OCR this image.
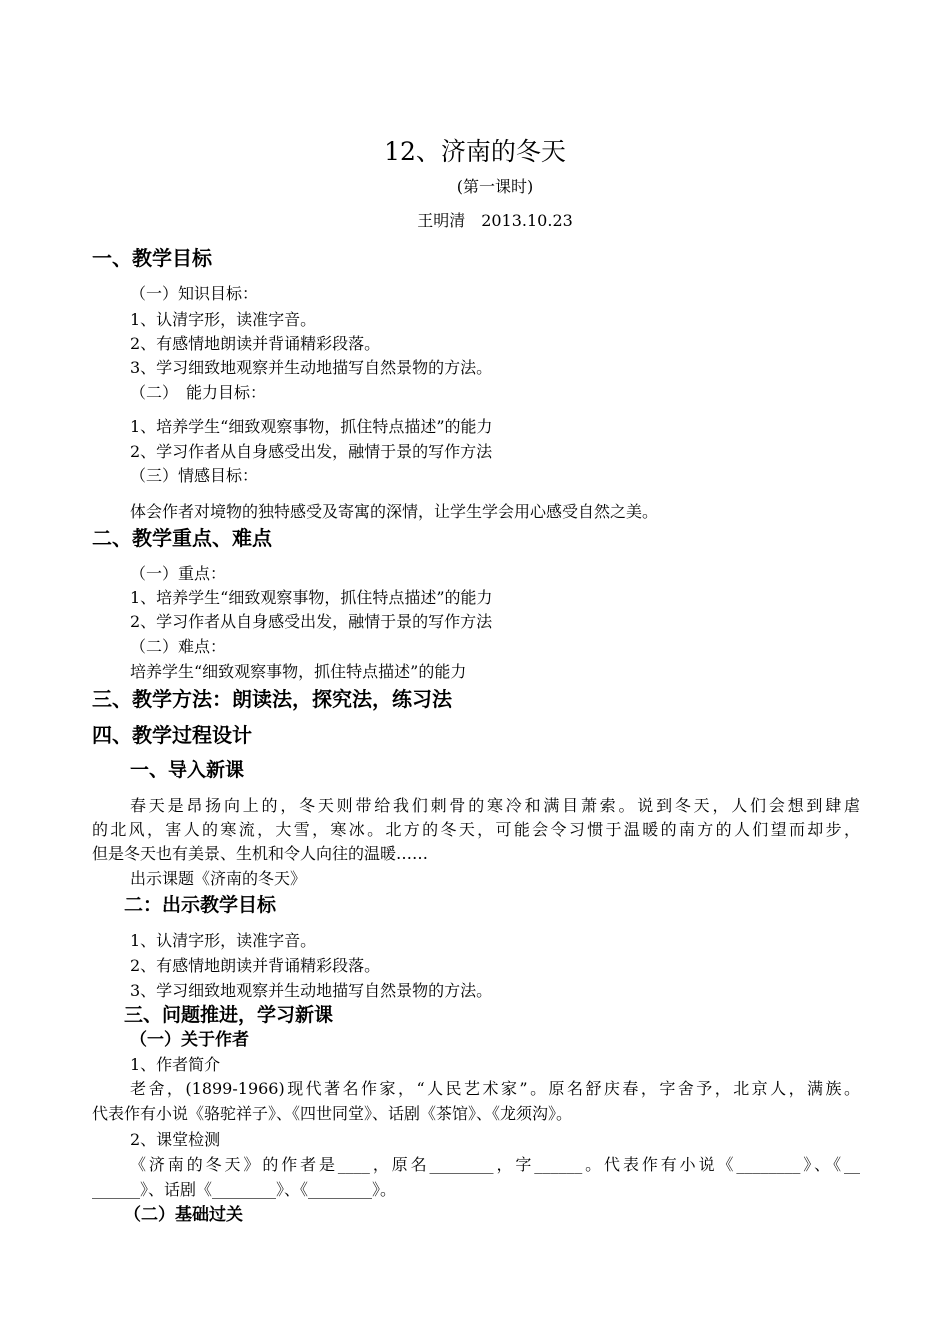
12、济南的冬天
(第一课时)
王明清　2013.10.23
一、教学目标
（一）知识目标：
1、认清字形，读准字音。
2、有感情地朗读并背诵精彩段落。
3、学习细致地观察并生动地描写自然景物的方法。
（二）　能力目标：
1、培养学生“细致观察事物，抓住特点描述”的能力
2、学习作者从自身感受出发，融情于景的写作方法
（三）情感目标：
体会作者对境物的独特感受及寄寓的深情，让学生学会用心感受自然之美。
二、教学重点、难点
（一）重点：
1、培养学生“细致观察事物，抓住特点描述”的能力
2、学习作者从自身感受出发，融情于景的写作方法
（二）难点：
培养学生“细致观察事物，抓住特点描述”的能力
三、教学方法：朗读法，探究法，练习法
四、教学过程设计
一、导入新课
春天是昂扬向上的，冬天则带给我们刺骨的寒冷和满目萧索。说到冬天，人们会想到肆虐
的北风，害人的寒流，大雪，寒冰。北方的冬天，可能会令习惯于温暖的南方的人们望而却步，
但是冬天也有美景、生机和令人向往的温暖……
出示课题《济南的冬天》
二：出示教学目标
1、认清字形，读准字音。
2、有感情地朗读并背诵精彩段落。
3、学习细致地观察并生动地描写自然景物的方法。
三、问题推进，学习新课
（一）关于作者
1、作者简介
老舍，(1899-1966)现代著名作家，“人民艺术家”。原名舒庆春，字舍予，北京人，满族。
代表作有小说《骆驼祥子》、《四世同堂》、话剧《茶馆》、《龙须沟》。
2、课堂检测
《济南的冬天》的作者是____，原名________，字______。代表作有小说《________》、《__
______》、话剧《________》、《________》。
（二）基础过关
